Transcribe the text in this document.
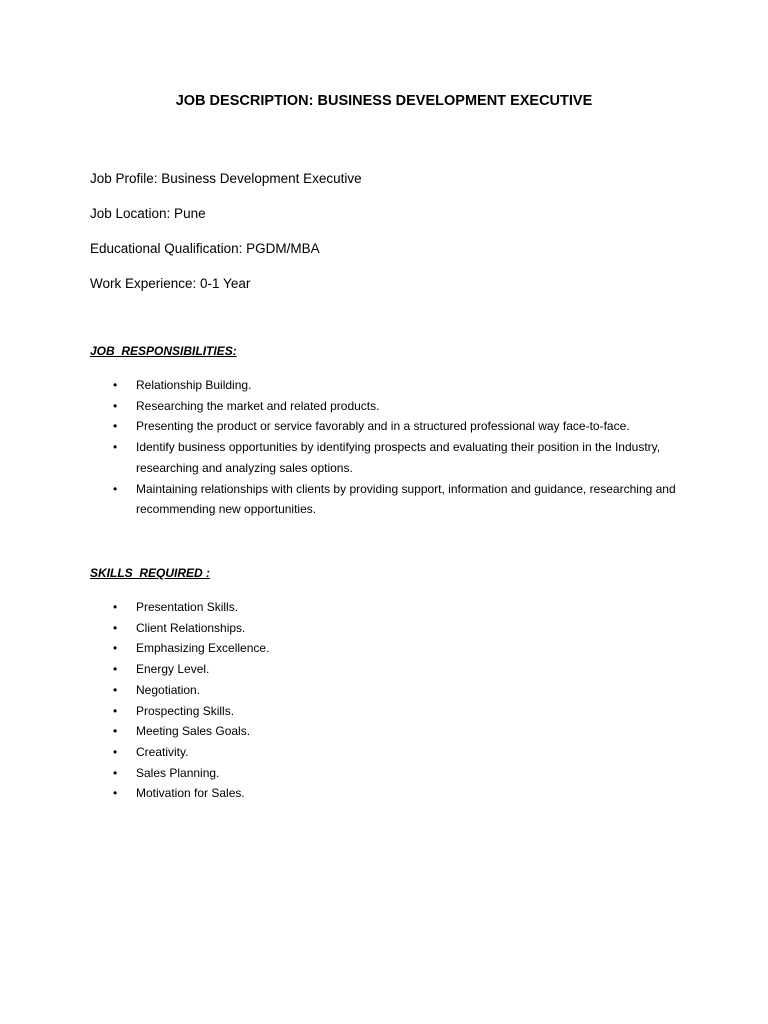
JOB DESCRIPTION: BUSINESS DEVELOPMENT EXECUTIVE
Job Profile: Business Development Executive
Job Location: Pune
Educational Qualification: PGDM/MBA
Work Experience: 0-1 Year
JOB  RESPONSIBILITIES:
• Relationship Building.
• Researching the market and related products.
• Presenting the product or service favorably and in a structured professional way face-to-face.
• Identify business opportunities by identifying prospects and evaluating their position in the Industry, researching and analyzing sales options.
• Maintaining relationships with clients by providing support, information and guidance, researching and recommending new opportunities.
SKILLS  REQUIRED :
• Presentation Skills.
• Client Relationships.
• Emphasizing Excellence.
• Energy Level.
• Negotiation.
• Prospecting Skills.
• Meeting Sales Goals.
• Creativity.
• Sales Planning.
• Motivation for Sales.
